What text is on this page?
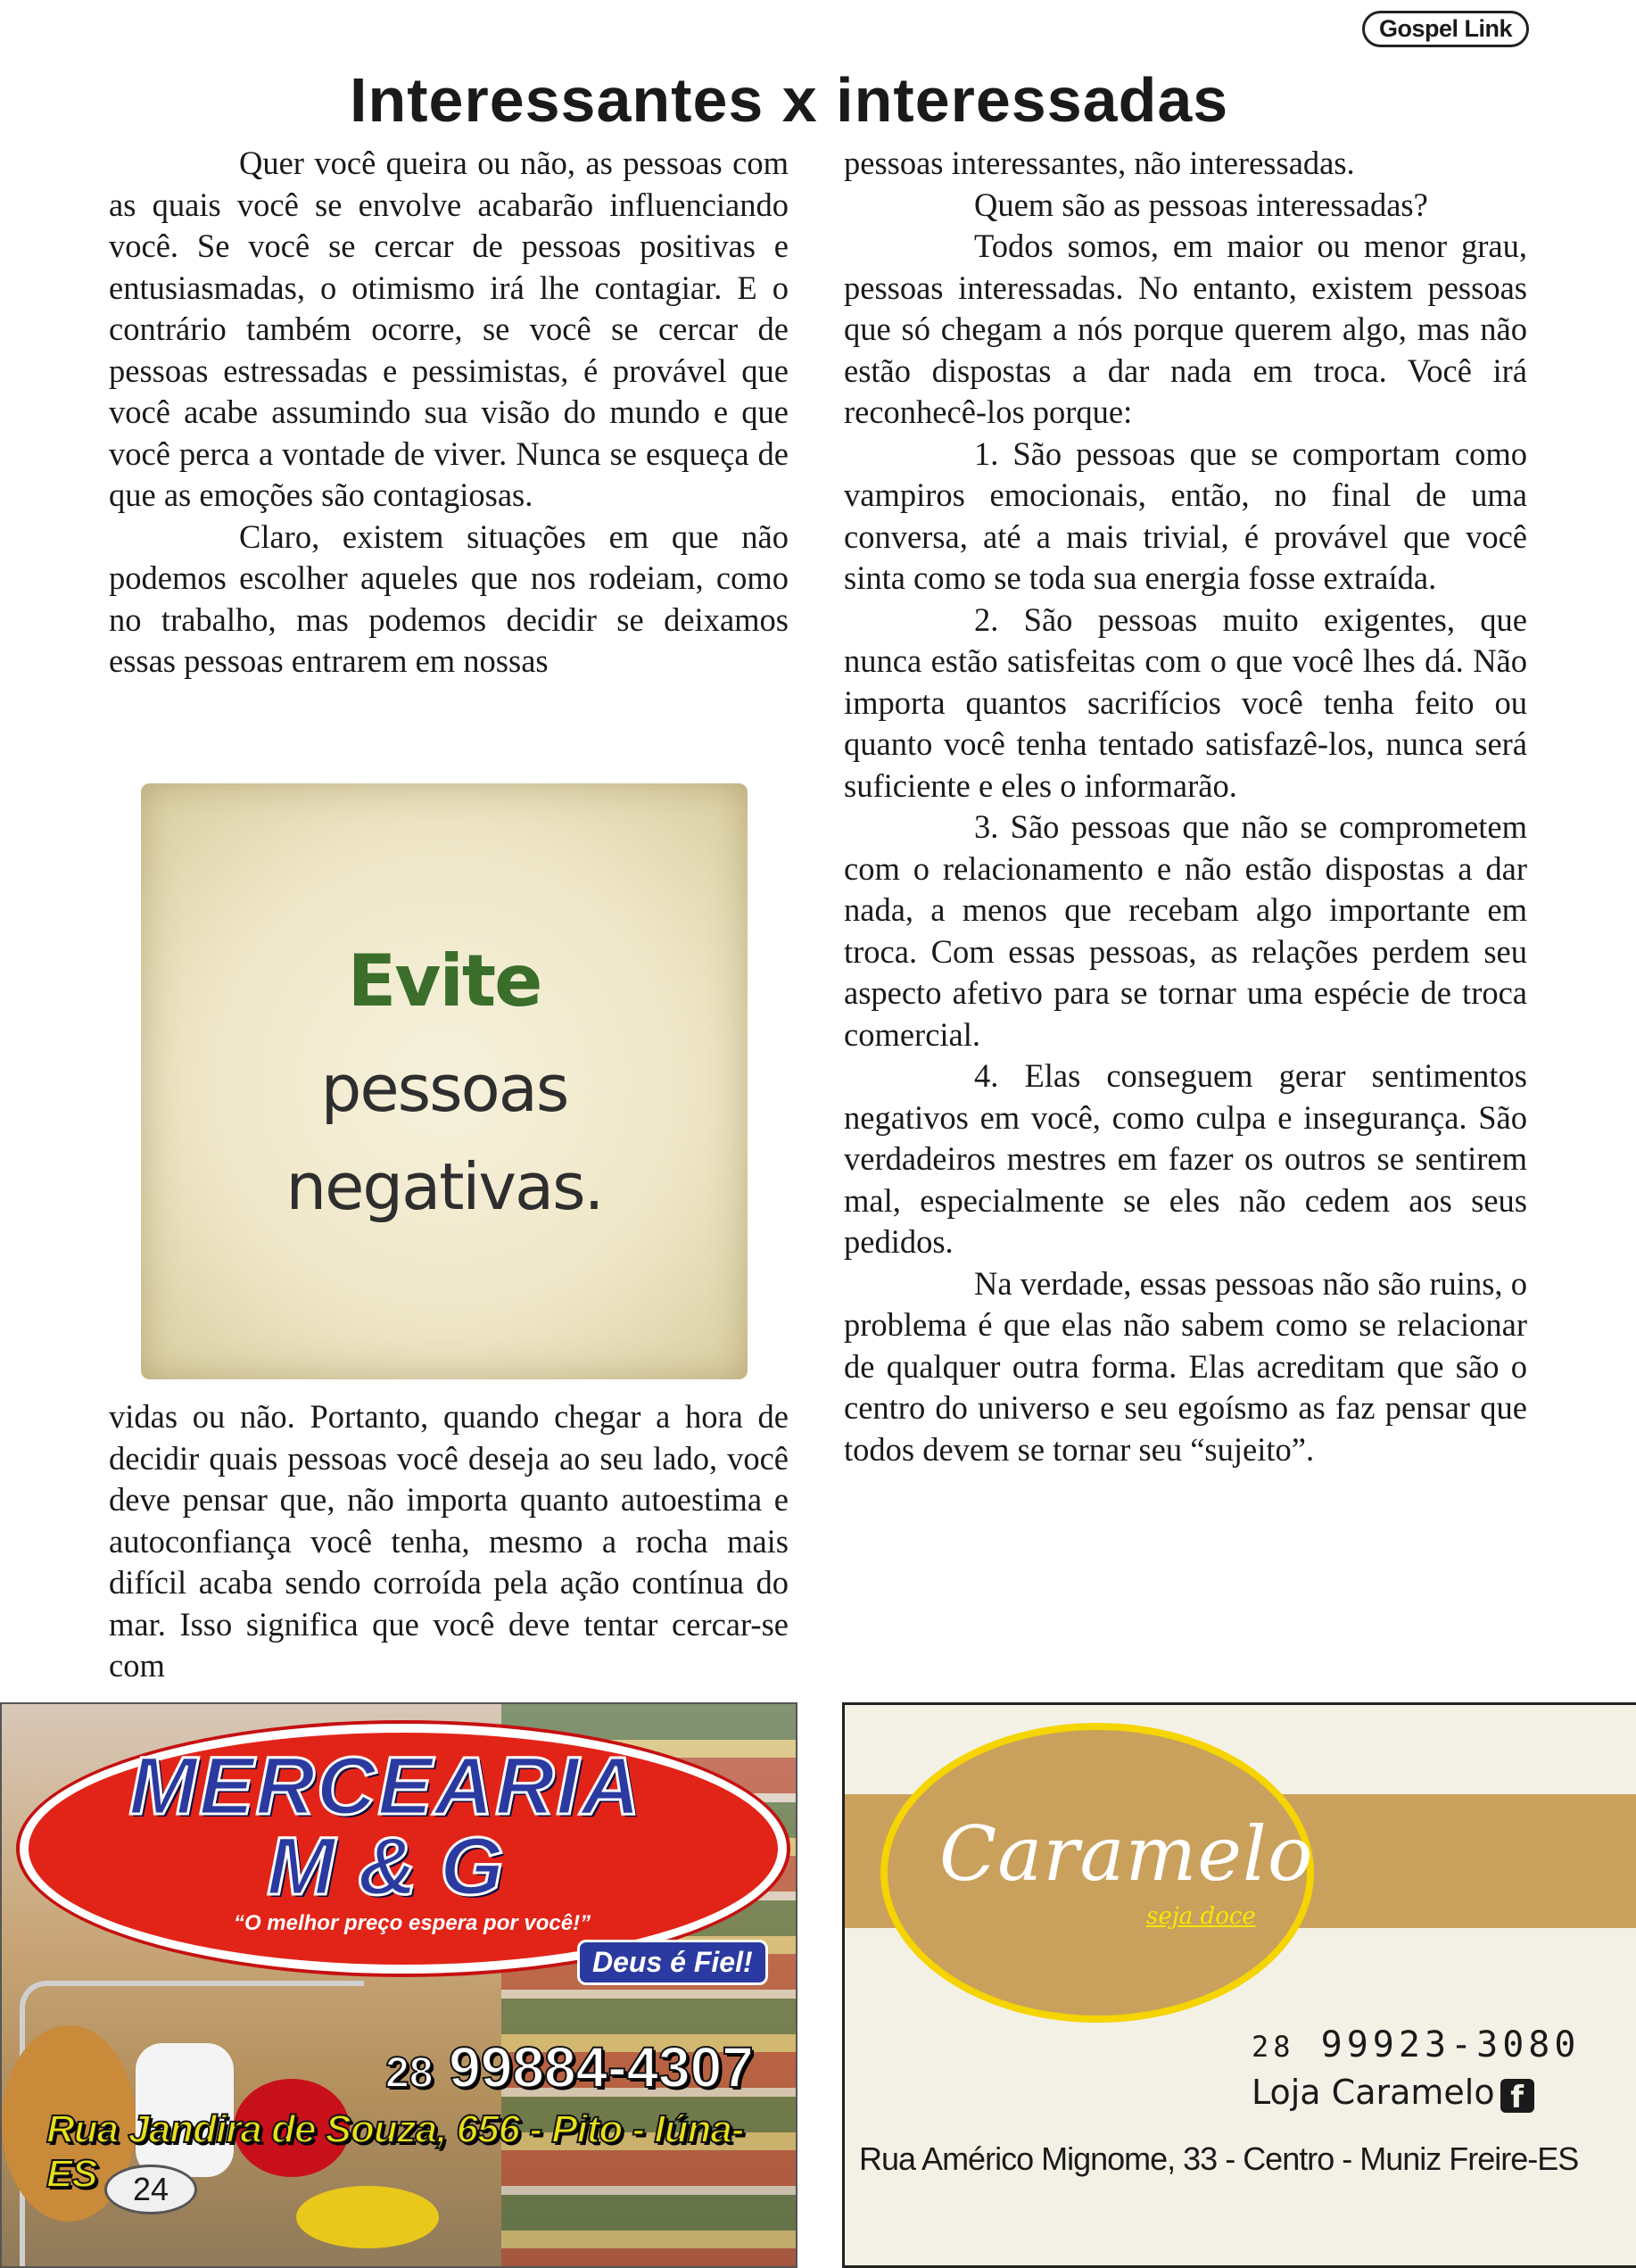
Gospel Link
Interessantes x interessadas

Quer você queira ou não, as pessoas com as quais você se envolve acabarão influenciando você. Se você se cercar de pessoas positivas e entusiasmadas, o otimismo irá lhe contagiar. E o contrário também ocorre, se você se cercar de pessoas estressadas e pessimistas, é provável que você acabe assumindo sua visão do mundo e que você perca a vontade de viver. Nunca se esqueça de que as emoções são contagiosas.

Claro, existem situações em que não podemos escolher aqueles que nos rodeiam, como no trabalho, mas podemos decidir se deixamos essas pessoas entrarem em nossas

Evite
pessoas
negativas.

vidas ou não. Portanto, quando chegar a hora de decidir quais pessoas você deseja ao seu lado, você deve pensar que, não importa quanto autoestima e autoconfiança você tenha, mesmo a rocha mais difícil acaba sendo corroída pela ação contínua do mar. Isso significa que você deve tentar cercar-se com

pessoas interessantes, não interessadas.

Quem são as pessoas interessadas?

Todos somos, em maior ou menor grau, pessoas interessadas. No entanto, existem pessoas que só chegam a nós porque querem algo, mas não estão dispostas a dar nada em troca. Você irá reconhecê-los porque:

1. São pessoas que se comportam como vampiros emocionais, então, no final de uma conversa, até a mais trivial, é provável que você sinta como se toda sua energia fosse extraída.

2. São pessoas muito exigentes, que nunca estão satisfeitas com o que você lhes dá. Não importa quantos sacrifícios você tenha feito ou quanto você tenha tentado satisfazê-los, nunca será suficiente e eles o informarão.

3. São pessoas que não se comprometem com o relacionamento e não estão dispostas a dar nada, a menos que recebam algo importante em troca. Com essas pessoas, as relações perdem seu aspecto afetivo para se tornar uma espécie de troca comercial.

4. Elas conseguem gerar sentimentos negativos em você, como culpa e insegurança. São verdadeiros mestres em fazer os outros se sentirem mal, especialmente se eles não cedem aos seus pedidos.

Na verdade, essas pessoas não são ruins, o problema é que elas não sabem como se relacionar de qualquer outra forma. Elas acreditam que são o centro do universo e seu egoísmo as faz pensar que todos devem se tornar seu “sujeito”.

MERCEARIA
M & G
“O melhor preço espera por você!”
Deus é Fiel!
28 99884-4307
Rua Jandira de Souza, 656 - Pito - Iúna-ES	24
Caramelo
seja doce
28 99923-3080
Loja Caramelo f
Rua Américo Mignome, 33 - Centro - Muniz Freire-ES
